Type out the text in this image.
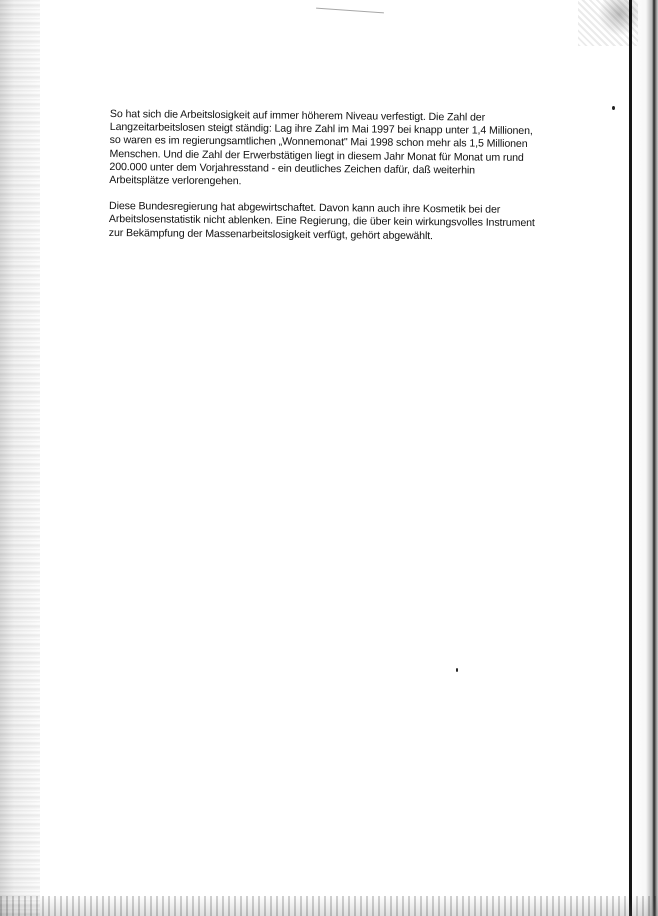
So hat sich die Arbeitslosigkeit auf immer höherem Niveau verfestigt. Die Zahl der
Langzeitarbeitslosen steigt ständig: Lag ihre Zahl im Mai 1997 bei knapp unter 1,4 Millionen,
so waren es im regierungsamtlichen „Wonnemonat" Mai 1998 schon mehr als 1,5 Millionen
Menschen. Und die Zahl der Erwerbstätigen liegt in diesem Jahr Monat für Monat um rund
200.000 unter dem Vorjahresstand - ein deutliches Zeichen dafür, daß weiterhin
Arbeitsplätze verlorengehen.

Diese Bundesregierung hat abgewirtschaftet. Davon kann auch ihre Kosmetik bei der
Arbeitslosenstatistik nicht ablenken. Eine Regierung, die über kein wirkungsvolles Instrument
zur Bekämpfung der Massenarbeitslosigkeit verfügt, gehört abgewählt.
